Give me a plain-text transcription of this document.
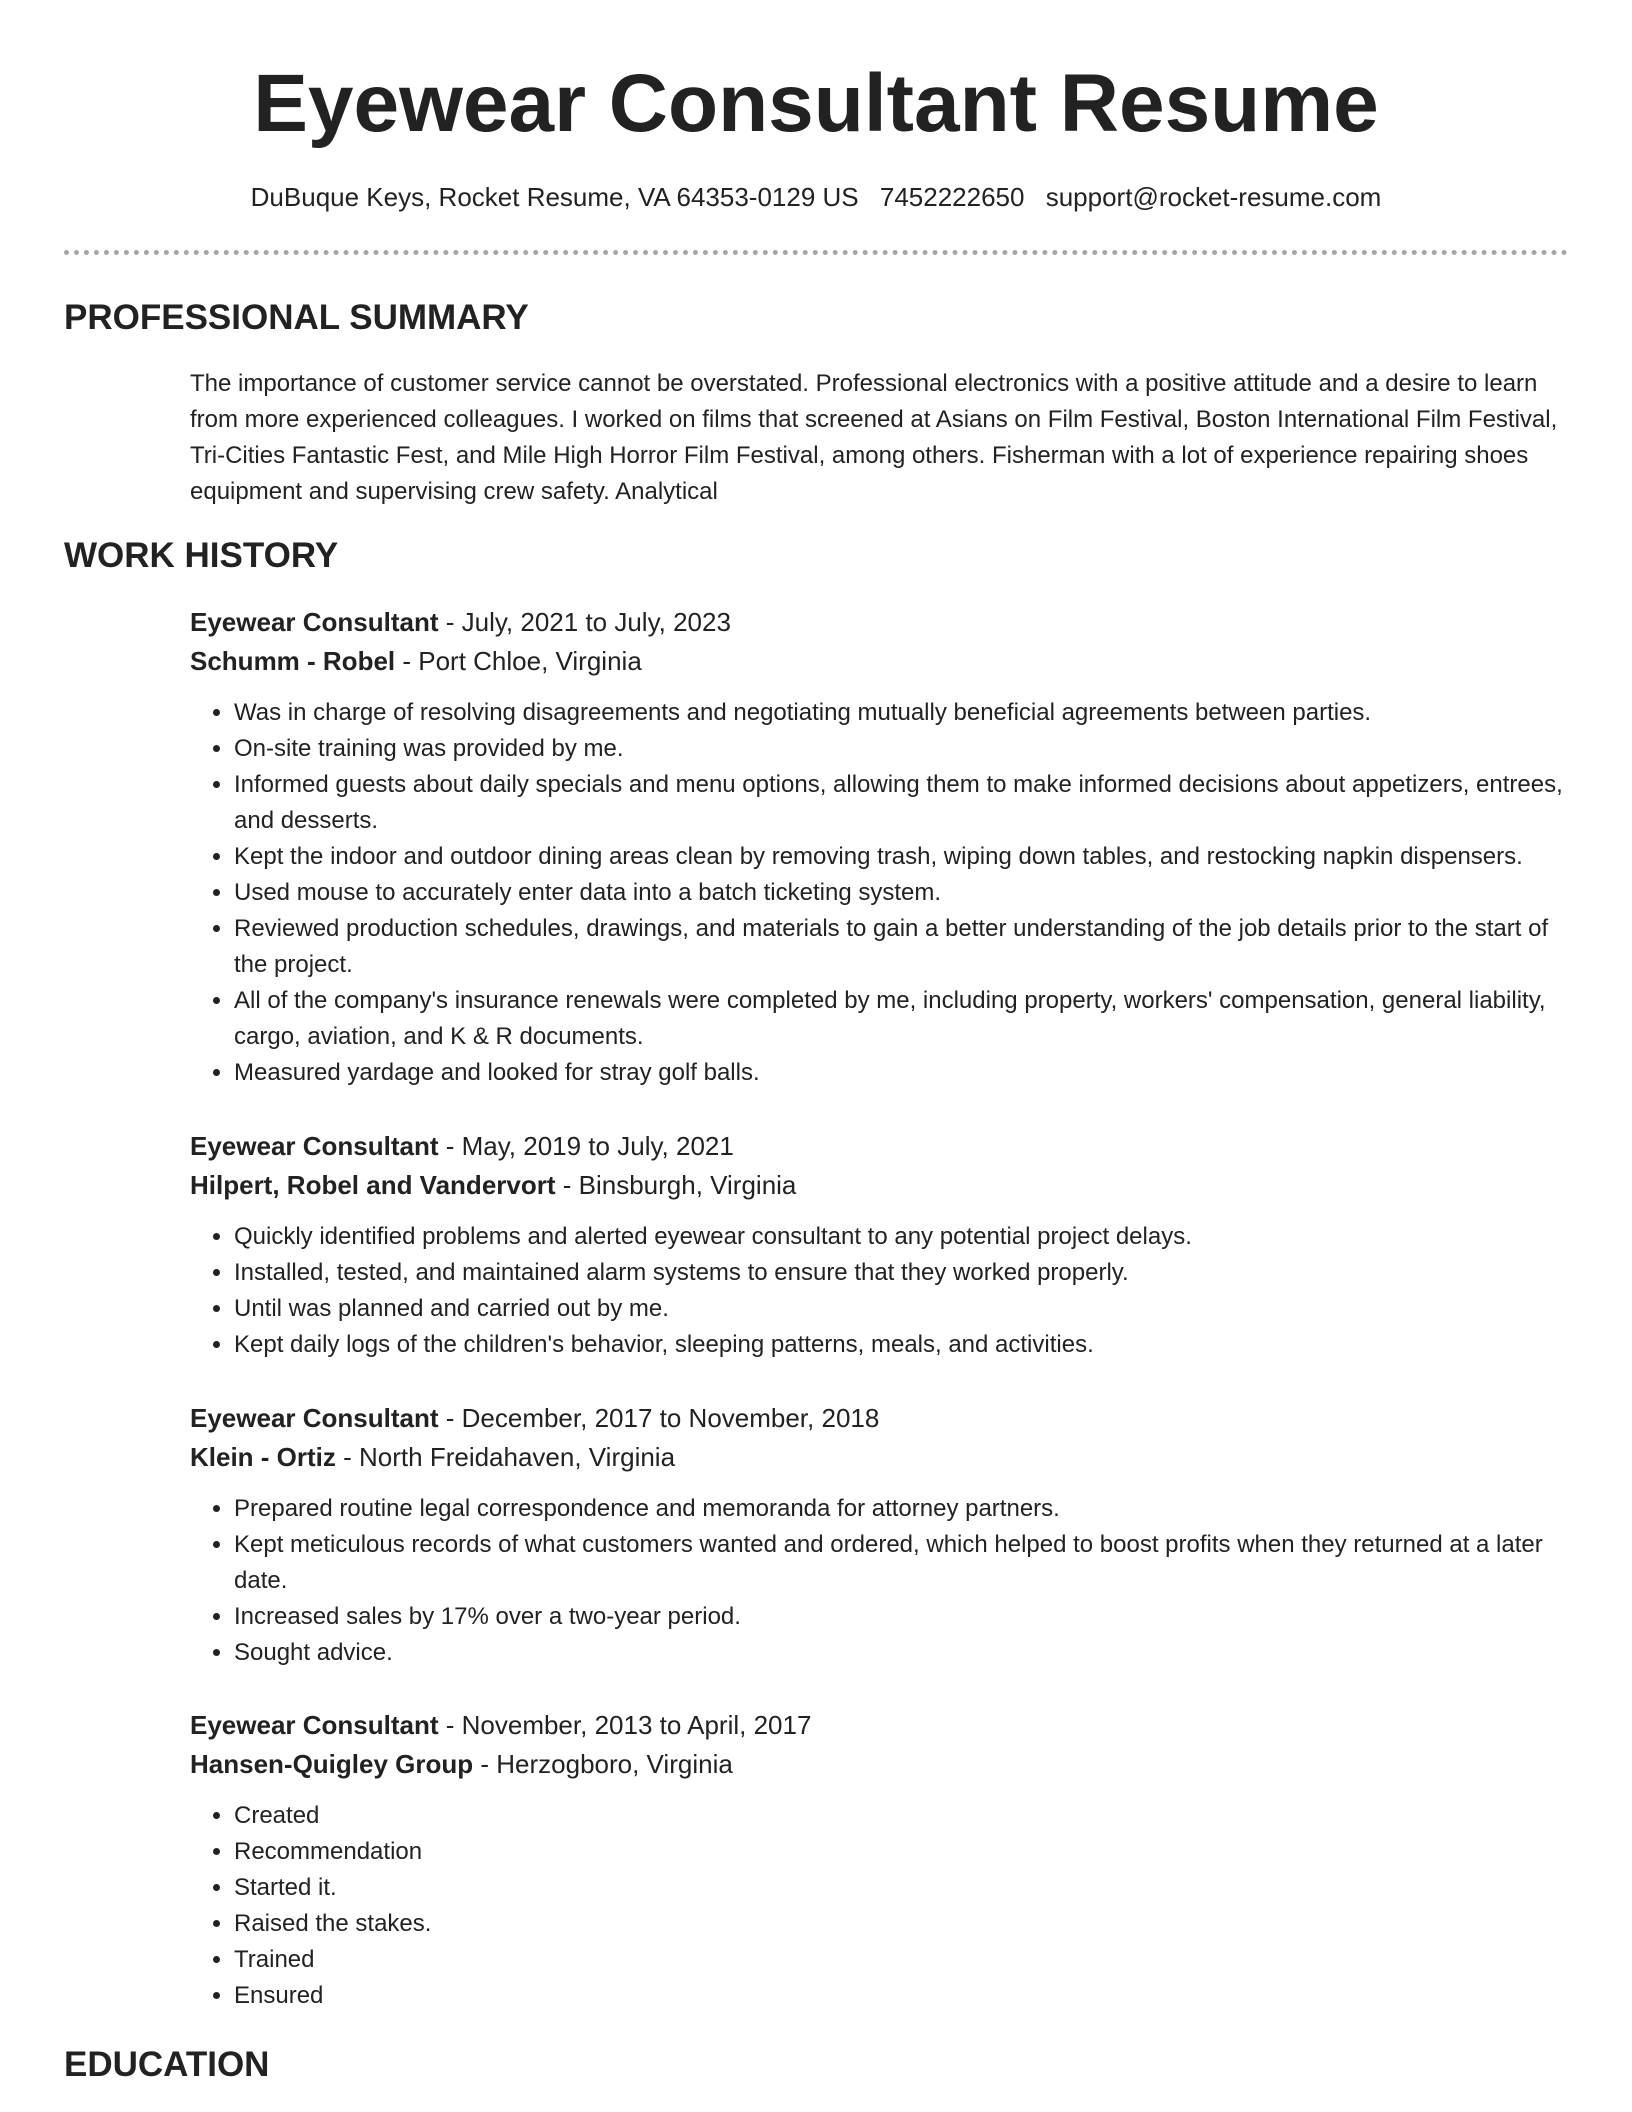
Eyewear Consultant Resume
DuBuque Keys, Rocket Resume, VA 64353-0129 US 7452222650 support@rocket-resume.com
PROFESSIONAL SUMMARY

The importance of customer service cannot be overstated. Professional electronics with a positive attitude and a desire to learn from more experienced colleagues. I worked on films that screened at Asians on Film Festival, Boston International Film Festival, Tri-Cities Fantastic Fest, and Mile High Horror Film Festival, among others. Fisherman with a lot of experience repairing shoes equipment and supervising crew safety. Analytical

WORK HISTORY
Eyewear Consultant - July, 2021 to July, 2023
Schumm - Robel - Port Chloe, Virginia
• Was in charge of resolving disagreements and negotiating mutually beneficial agreements between parties.
• On-site training was provided by me.
• Informed guests about daily specials and menu options, allowing them to make informed decisions about appetizers, entrees, and desserts.
• Kept the indoor and outdoor dining areas clean by removing trash, wiping down tables, and restocking napkin dispensers.
• Used mouse to accurately enter data into a batch ticketing system.
• Reviewed production schedules, drawings, and materials to gain a better understanding of the job details prior to the start of the project.
• All of the company's insurance renewals were completed by me, including property, workers' compensation, general liability, cargo, aviation, and K & R documents.
• Measured yardage and looked for stray golf balls.
Eyewear Consultant - May, 2019 to July, 2021
Hilpert, Robel and Vandervort - Binsburgh, Virginia
• Quickly identified problems and alerted eyewear consultant to any potential project delays.
• Installed, tested, and maintained alarm systems to ensure that they worked properly.
• Until was planned and carried out by me.
• Kept daily logs of the children's behavior, sleeping patterns, meals, and activities.
Eyewear Consultant - December, 2017 to November, 2018
Klein - Ortiz - North Freidahaven, Virginia
• Prepared routine legal correspondence and memoranda for attorney partners.
• Kept meticulous records of what customers wanted and ordered, which helped to boost profits when they returned at a later date.
• Increased sales by 17% over a two-year period.
• Sought advice.
Eyewear Consultant - November, 2013 to April, 2017
Hansen-Quigley Group - Herzogboro, Virginia
• Created
• Recommendation
• Started it.
• Raised the stakes.
• Trained
• Ensured
EDUCATION
